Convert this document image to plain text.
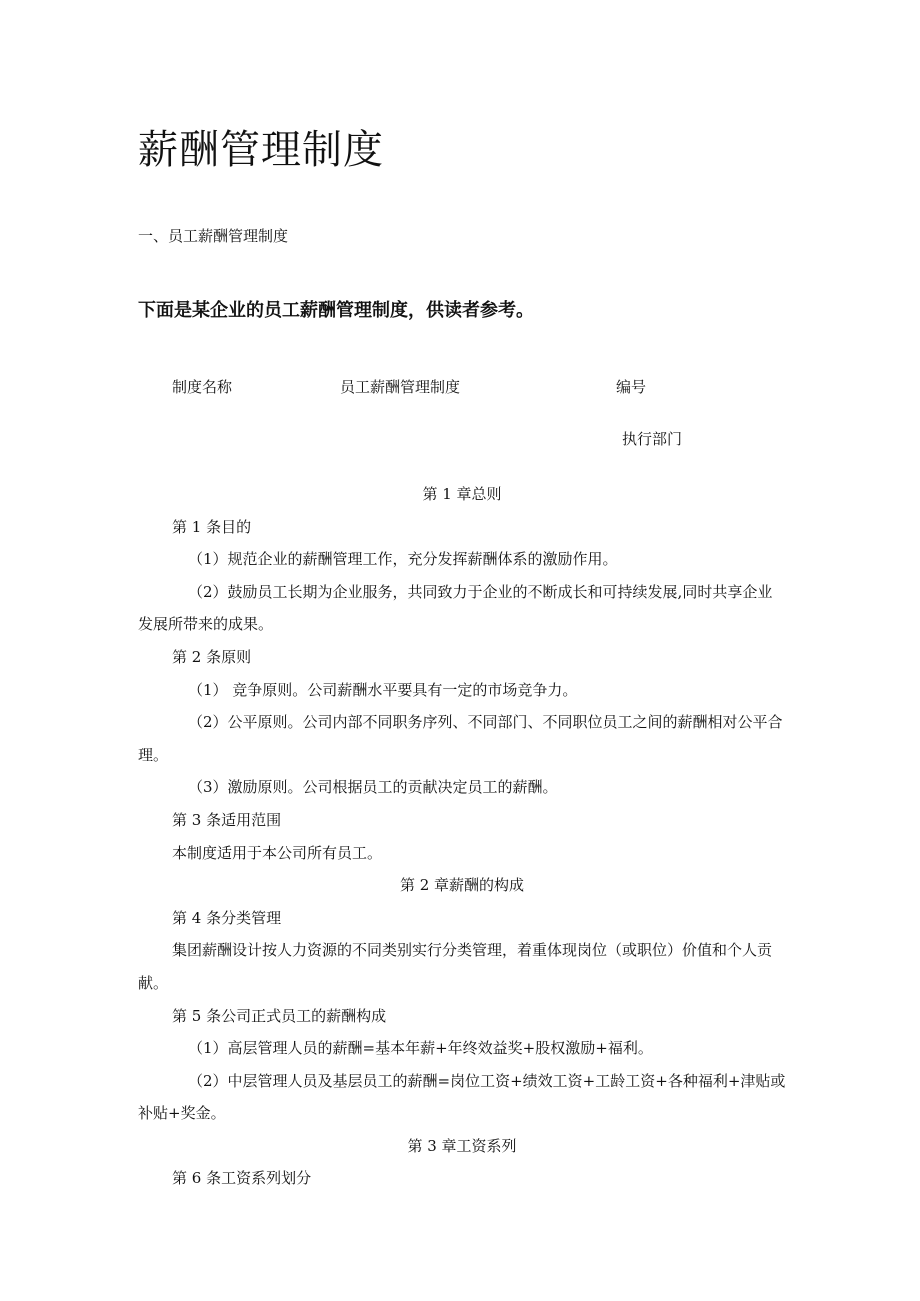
薪酬管理制度
一、员工薪酬管理制度
下面是某企业的员工薪酬管理制度，供读者参考。
制度名称	员工薪酬管理制度	编号
执行部门

第 1 章总则

第 1 条目的

（1）规范企业的薪酬管理工作，充分发挥薪酬体系的激励作用。

（2）鼓励员工长期为企业服务，共同致力于企业的不断成长和可持续发展,同时共享企业发展所带来的成果。

第 2 条原则

（1） 竞争原则。公司薪酬水平要具有一定的市场竞争力。

（2）公平原则。公司内部不同职务序列、不同部门、不同职位员工之间的薪酬相对公平合理。

（3）激励原则。公司根据员工的贡献决定员工的薪酬。

第 3 条适用范围

本制度适用于本公司所有员工。

第 2 章薪酬的构成

第 4 条分类管理

集团薪酬设计按人力资源的不同类别实行分类管理，着重体现岗位（或职位）价值和个人贡献。

第 5 条公司正式员工的薪酬构成

（1）高层管理人员的薪酬=基本年薪+年终效益奖+股权激励+福利。

（2）中层管理人员及基层员工的薪酬=岗位工资+绩效工资+工龄工资+各种福利+津贴或补贴+奖金。

第 3 章工资系列

第 6 条工资系列划分
